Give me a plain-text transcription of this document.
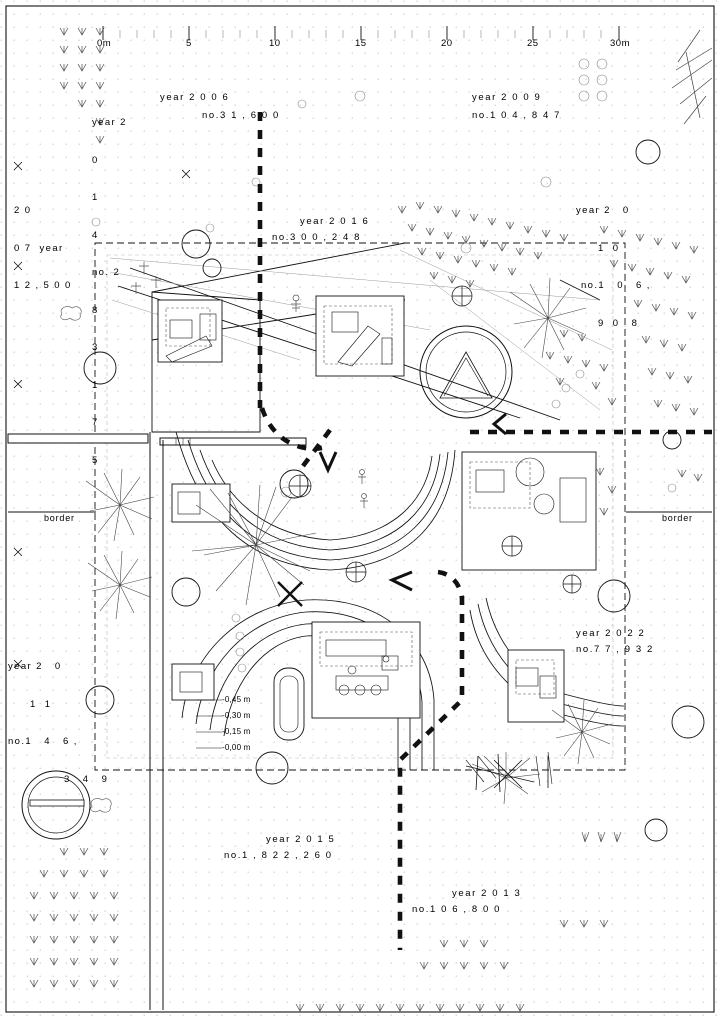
0m	5	10	15	20	25	30m
border	border
year 2 0 0 6
no.3 1 , 6 0 0
year 2 0 0 9
no.1 0 4 , 8 4 7
year 2 0 1 6
no.3 0 0 , 2 4 8
year 2 0 1 5
no.1 , 8 2 2 , 2 6 0
year 2 0 1 3
no.1 0 6 , 8 0 0
year 2 0 2 2
no.7 7 , 9 3 2

year 2

0

1

4

no. 2

8

3

1

7

5

2 0

0 7  year

1 2 , 5 0 0

year 2   0

1  0

no.1   0   6 ,

9  0   8

year 2   0

1  1

no.1   4   6 ,

3   4   9

-0,45 m
-0,30 m
-0,15 m
-0,00 m
